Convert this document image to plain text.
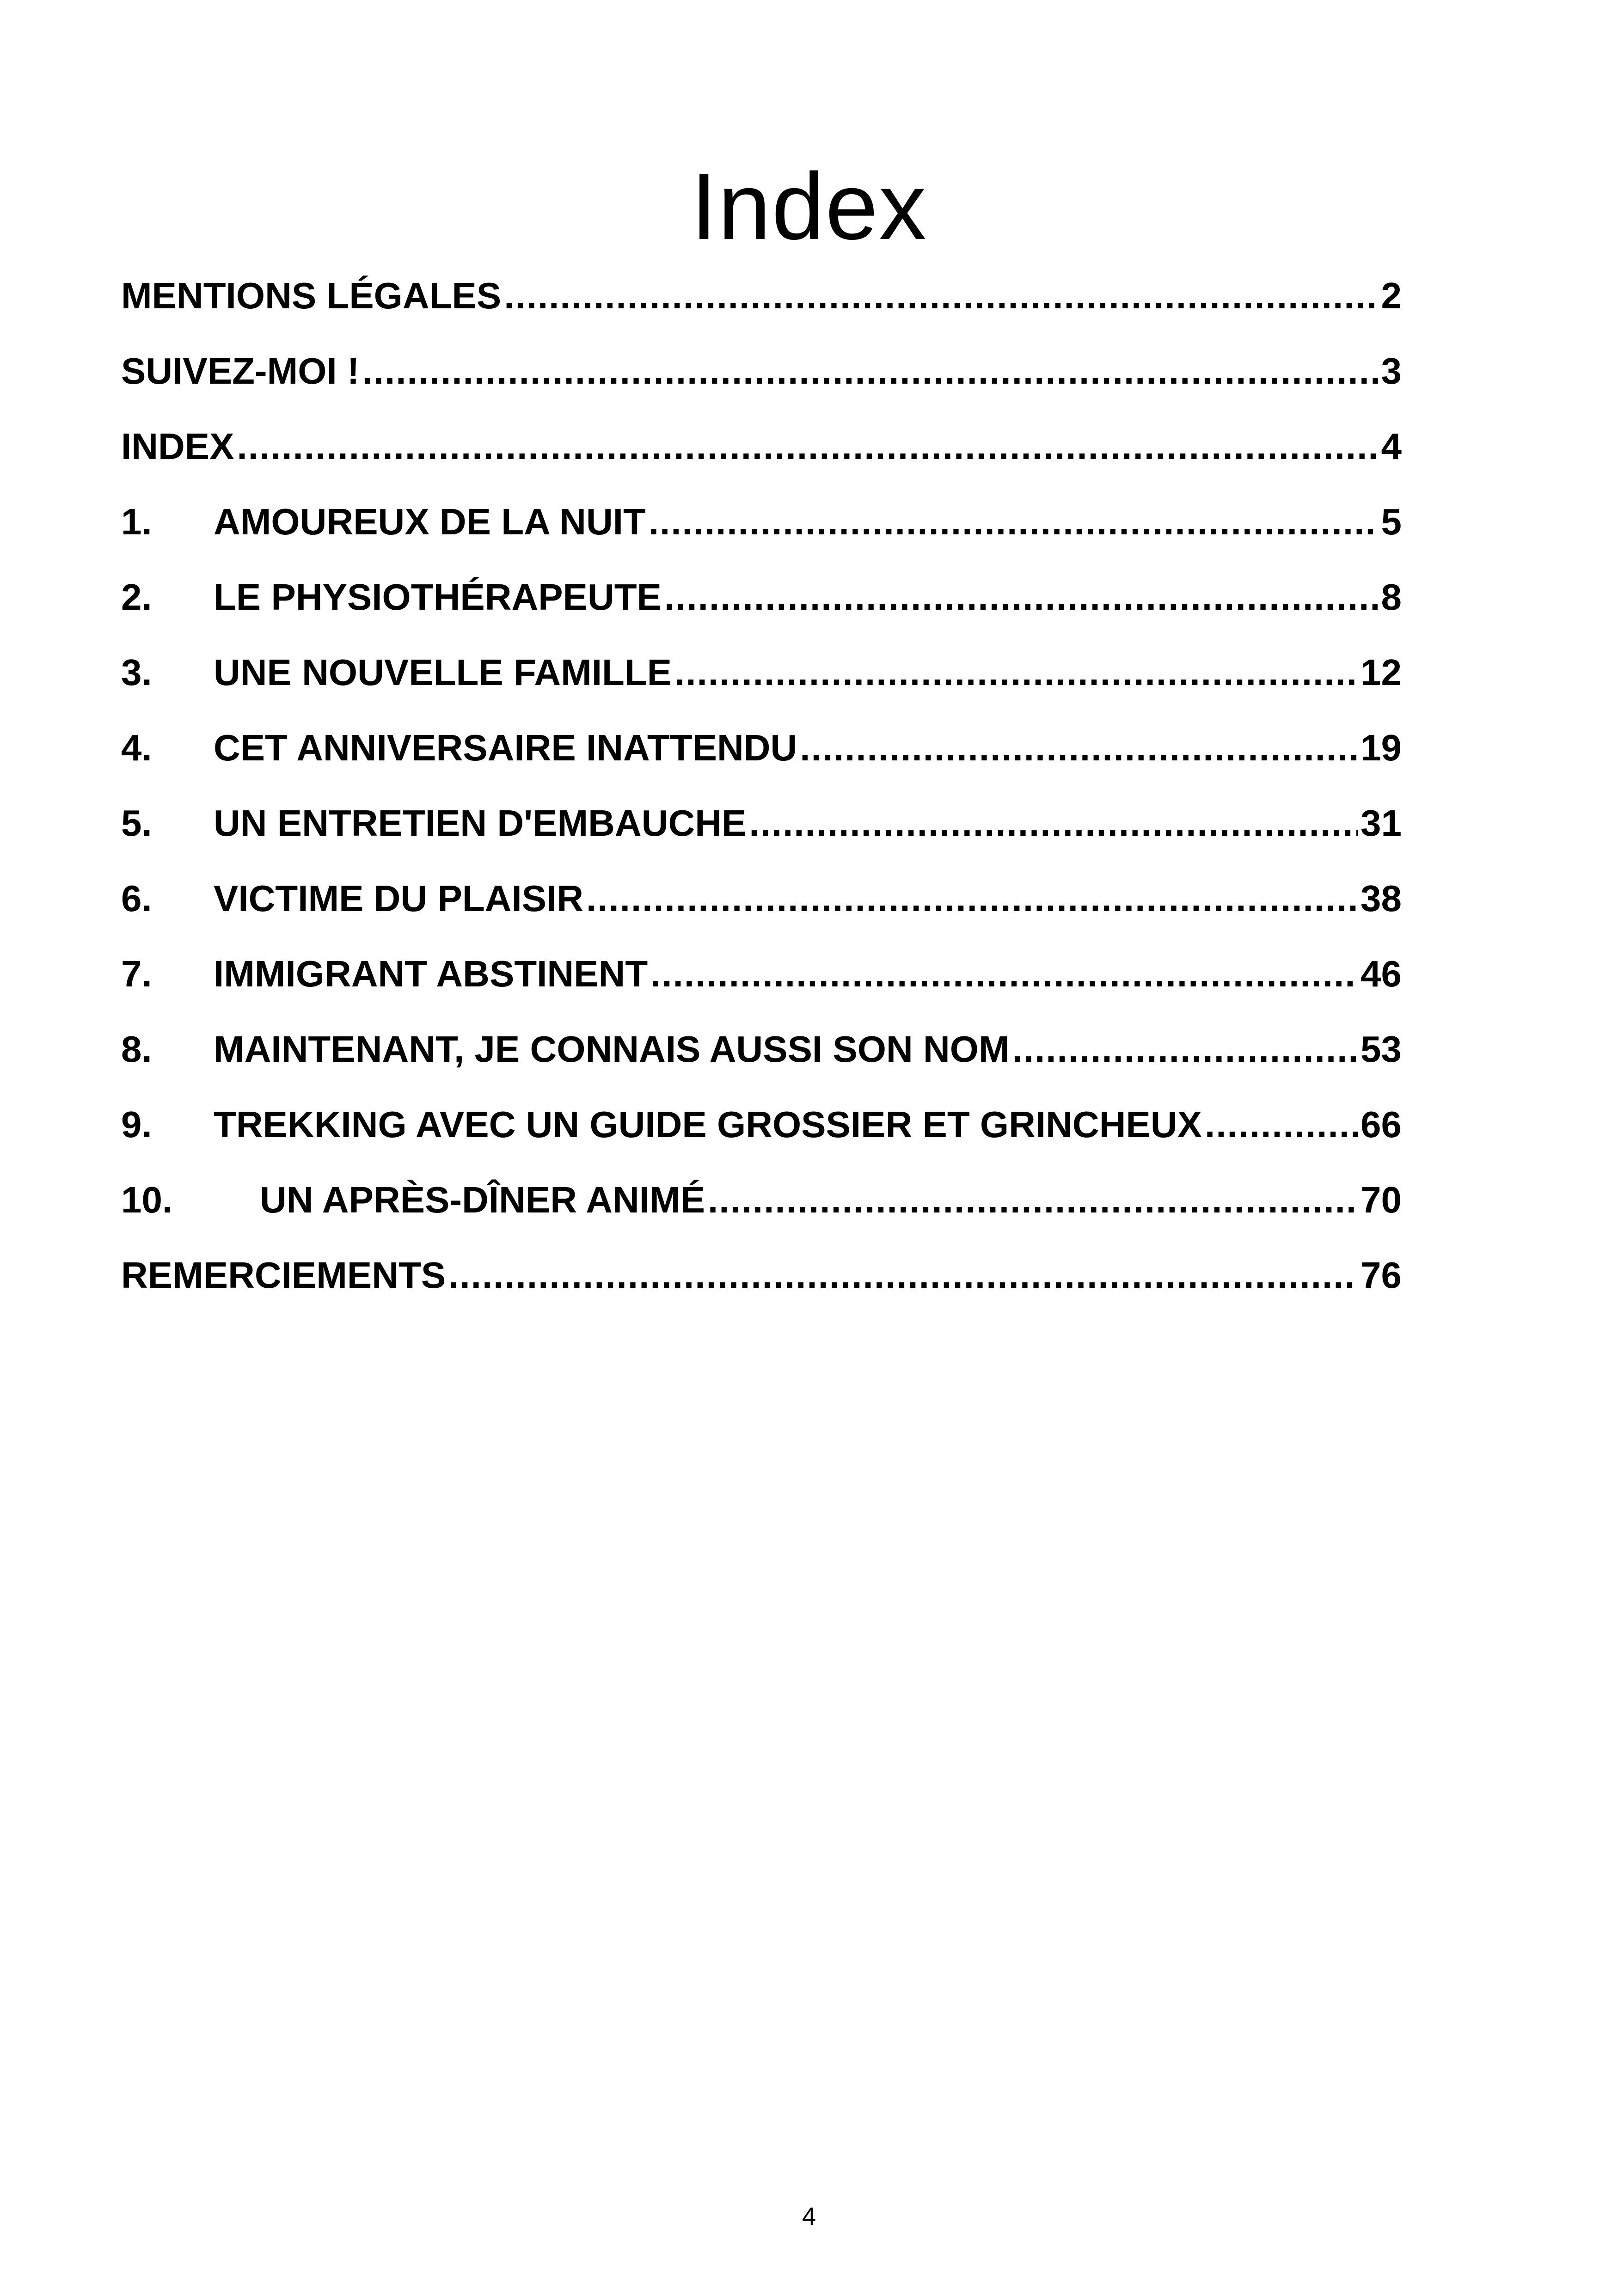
Index
MENTIONS LÉGALES .....	2
SUIVEZ-MOI ! .....	3
INDEX .....	4
1.	AMOUREUX DE LA NUIT .....	5
2.	LE PHYSIOTHÉRAPEUTE .....	8
3.	UNE NOUVELLE FAMILLE .....	12
4.	CET ANNIVERSAIRE INATTENDU .....	19
5.	UN ENTRETIEN D'EMBAUCHE .....	31
6.	VICTIME DU PLAISIR .....	38
7.	IMMIGRANT ABSTINENT .....	46
8.	MAINTENANT, JE CONNAIS AUSSI SON NOM .....	53
9.	TREKKING AVEC UN GUIDE GROSSIER ET GRINCHEUX .....	66
10.	UN APRÈS-DÎNER ANIMÉ .....	70
REMERCIEMENTS .....	76
4
